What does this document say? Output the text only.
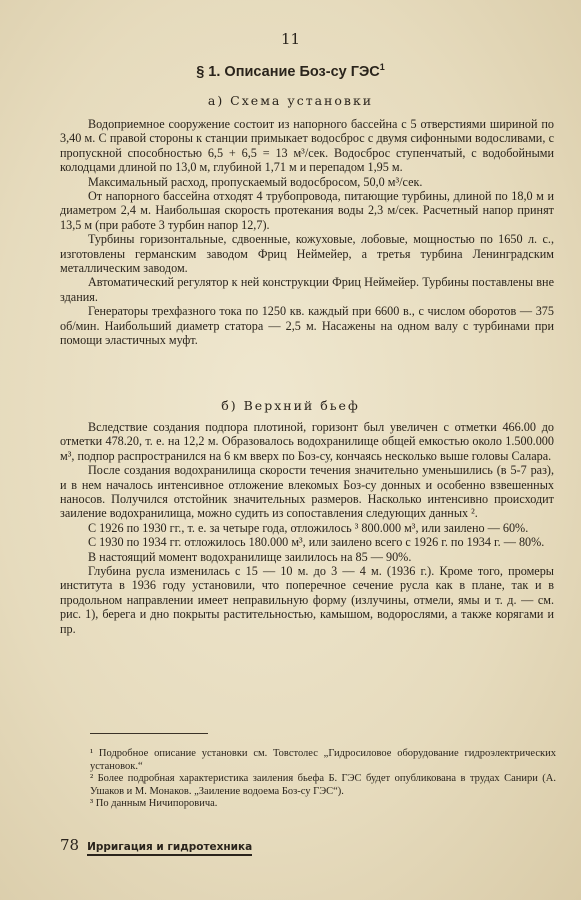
11
§ 1. Описание Боз-су ГЭС$^1$
а) Схема установки

Водоприемное сооружение состоит из напорного бассейна с 5 отверстиями шириной по 3,40 м. С правой стороны к станции примыкает водосброс с двумя сифонными водосливами, с пропускной способностью 6,5 + 6,5 = 13 м³/сек. Водосброс ступенчатый, с водобойными колодцами длиной по 13,0 м, глубиной 1,71 м и перепадом 1,95 м.

Максимальный расход, пропускаемый водосбросом, 50,0 м³/сек.

От напорного бассейна отходят 4 трубопровода, питающие турбины, длиной по 18,0 м и диаметром 2,4 м. Наибольшая скорость протекания воды 2,3 м/сек. Расчетный напор принят 13,5 м (при работе 3 турбин напор 12,7).

Турбины горизонтальные, сдвоенные, кожуховые, лобовые, мощностью по 1650 л. с., изготовлены германским заводом Фриц Неймейер, а третья турбина Ленинградским металлическим заводом.

Автоматический регулятор к ней конструкции Фриц Неймейер. Турбины поставлены вне здания.

Генераторы трехфазного тока по 1250 кв. каждый при 6600 в., с числом оборотов — 375 об/мин. Наибольший диаметр статора — 2,5 м. Насажены на одном валу с турбинами при помощи эластичных муфт.

б) Верхний бьеф

Вследствие создания подпора плотиной, горизонт был увеличен с отметки 466.00 до отметки 478.20, т. е. на 12,2 м. Образовалось водохранилище общей емкостью около 1.500.000 м³, подпор распространился на 6 км вверх по Боз-су, кончаясь несколько выше головы Салара.

После создания водохранилища скорости течения значительно уменьшились (в 5-7 раз), и в нем началось интенсивное отложение влекомых Боз-су донных и особенно взвешенных наносов. Получился отстойник значительных размеров. Насколько интенсивно происходит заиление водохранилища, можно судить из сопоставления следующих данных ².

С 1926 по 1930 гг., т. е. за четыре года, отложилось ³ 800.000 м³, или заилено — 60%.

С 1930 по 1934 гг. отложилось 180.000 м³, или заилено всего с 1926 г. по 1934 г. — 80%.

В настоящий момент водохранилище заилилось на 85 — 90%.

Глубина русла изменилась с 15 — 10 м. до 3 — 4 м. (1936 г.). Кроме того, промеры института в 1936 году установили, что поперечное сечение русла как в плане, так и в продольном направлении имеет неправильную форму (излучины, отмели, ямы и т. д. — см. рис. 1), берега и дно покрыты растительностью, камышом, водорослями, а также корягами и пр.

¹ Подробное описание установки см. Товстолес „Гидросиловое оборудование гидроэлектрических установок.“

² Более подробная характеристика заиления бьефа Б. ГЭС будет опубликована в трудах Санири (А. Ушаков и М. Монаков. „Заиление водоема Боз-су ГЭС“).

³ По данным Ничипоровича.

78 Ирригация и гидротехника
